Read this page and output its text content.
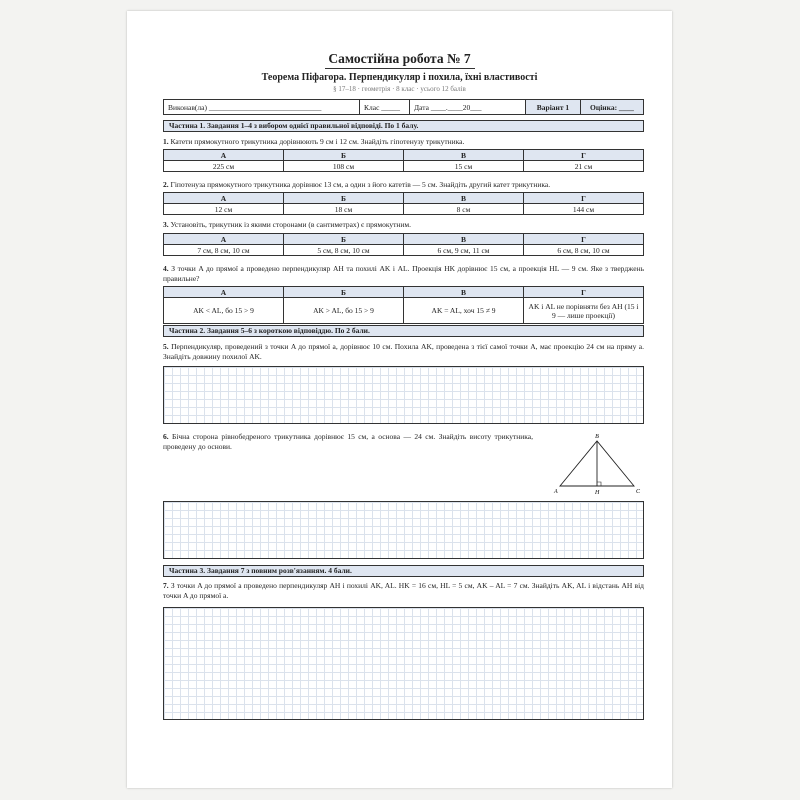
Самостійна робота № 7
Теорема Піфагора. Перпендикуляр і похила, їхні властивості
§ 17–18 · геометрія · 8 клас · усього 12 балів
Виконав(ла) ______________________________	Клас _____	Дата ____.____20___	Варіант 1	Оцінка: ____
Частина 1. Завдання 1–4 з вибором однієї правильної відповіді. По 1 балу.
1. Катети прямокутного трикутника дорівнюють 9 см і 12 см. Знайдіть гіпотенузу трикутника.
А	Б	В	Г
225 см	108 см	15 см	21 см
2. Гіпотенуза прямокутного трикутника дорівнює 13 см, а один з його катетів — 5 см. Знайдіть другий катет трикутника.
А	Б	В	Г
12 см	18 см	8 см	144 см
3. Установіть, трикутник із якими сторонами (в сантиметрах) є прямокутним.
А	Б	В	Г
7 см, 8 см, 10 см	5 см, 8 см, 10 см	6 см, 9 см, 11 см	6 см, 8 см, 10 см
4. З точки A до прямої a проведено перпендикуляр AH та похилі AK і AL. Проекція HK дорівнює 15 см, а проекція HL — 9 см. Яке з тверджень правильне?
А	Б	В	Г
AK < AL, бо 15 > 9	AK > AL, бо 15 > 9	AK = AL, хоч 15 ≠ 9	AK і AL не порівняти без AH (15 і 9 — лише проекції)
Частина 2. Завдання 5–6 з короткою відповіддю. По 2 бали.
5. Перпендикуляр, проведений з точки A до прямої a, дорівнює 10 см. Похила AK, проведена з тієї самої точки A, має проекцію 24 см на пряму a. Знайдіть довжину похилої AK.
6. Бічна сторона рівнобедреного трикутника дорівнює 15 см, а основа — 24 см. Знайдіть висоту трикутника, проведену до основи.
B
A	C
H
Частина 3. Завдання 7 з повним розв'язанням. 4 бали.
7. З точки A до прямої a проведено перпендикуляр AH і похилі AK, AL. HK = 16 см, HL = 5 см, AK – AL = 7 см. Знайдіть AK, AL і відстань AH від точки A до прямої a.
